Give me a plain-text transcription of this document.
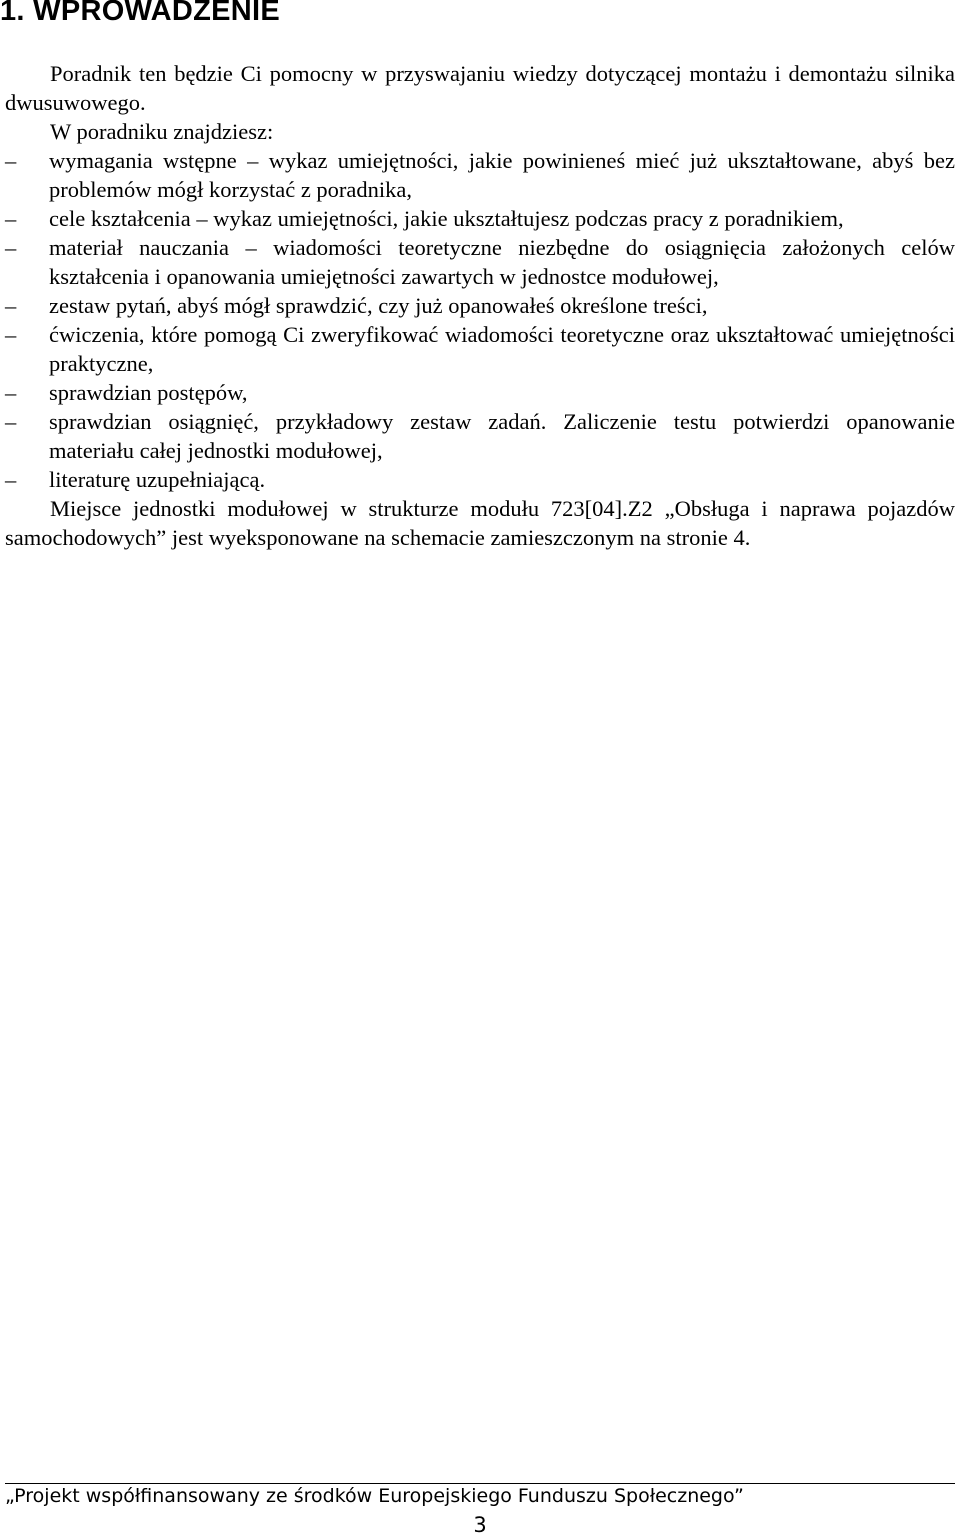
1. WPROWADZENIE

Poradnik ten będzie Ci pomocny w przyswajaniu wiedzy dotyczącej montażu i demontażu silnika dwusuwowego.

W poradniku znajdziesz:

–	wymagania wstępne – wykaz umiejętności, jakie powinieneś mieć już ukształtowane, abyś bez problemów mógł korzystać z poradnika,
–	cele kształcenia – wykaz umiejętności, jakie ukształtujesz podczas pracy z poradnikiem,
–	materiał nauczania – wiadomości teoretyczne niezbędne do osiągnięcia założonych celów kształcenia i opanowania umiejętności zawartych w jednostce modułowej,
–	zestaw pytań, abyś mógł sprawdzić, czy już opanowałeś określone treści,
–	ćwiczenia, które pomogą Ci zweryfikować wiadomości teoretyczne oraz ukształtować umiejętności praktyczne,
–	sprawdzian postępów,
–	sprawdzian osiągnięć, przykładowy zestaw zadań. Zaliczenie testu potwierdzi opanowanie materiału całej jednostki modułowej,
–	literaturę uzupełniającą.

Miejsce jednostki modułowej w strukturze modułu 723[04].Z2 „Obsługa i naprawa pojazdów samochodowych” jest wyeksponowane na schemacie zamieszczonym na stronie 4.

„Projekt współfinansowany ze środków Europejskiego Funduszu Społecznego”
3
